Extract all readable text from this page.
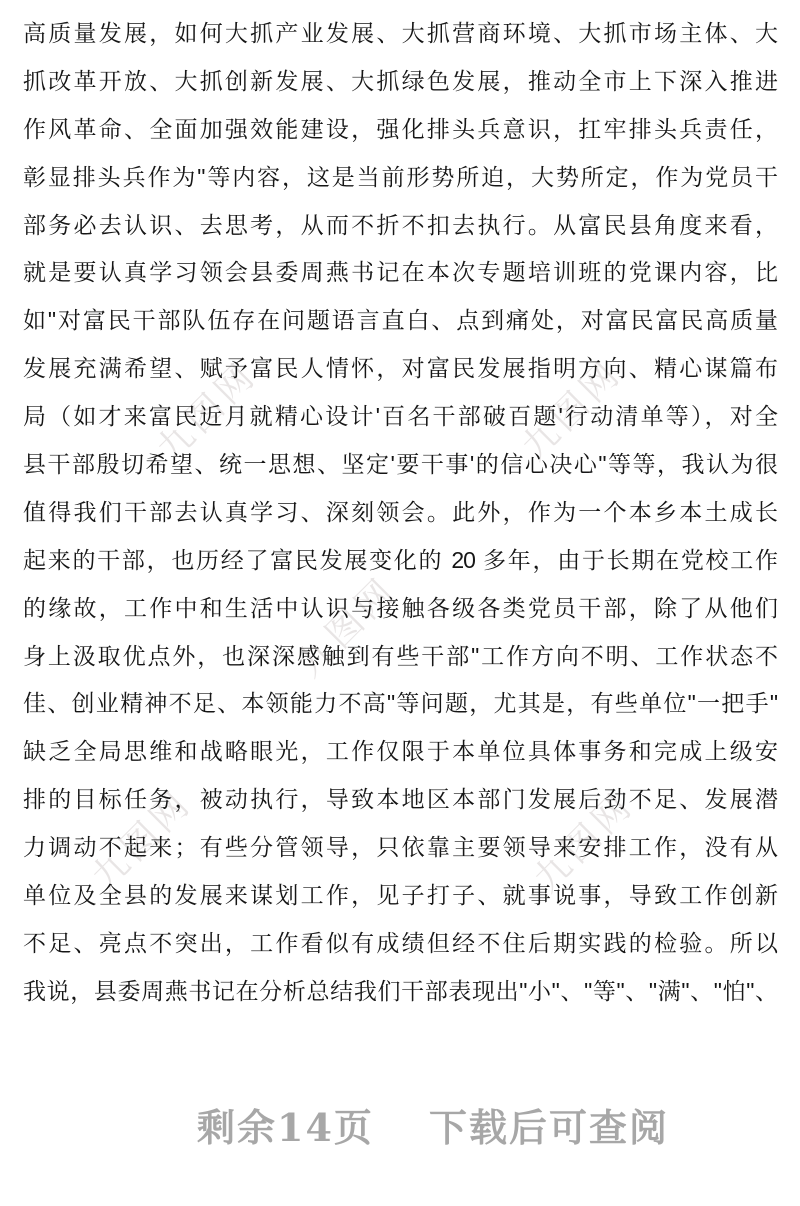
九图网	九图网
九图网
九图网	九图网
高质量发展，如何大抓产业发展、大抓营商环境、大抓市场主体、大
抓改革开放、大抓创新发展、大抓绿色发展，推动全市上下深入推进
作风革命、全面加强效能建设，强化排头兵意识，扛牢排头兵责任，
彰显排头兵作为"等内容，这是当前形势所迫，大势所定，作为党员干
部务必去认识、去思考，从而不折不扣去执行。从富民县角度来看，
就是要认真学习领会县委周燕书记在本次专题培训班的党课内容，比
如"对富民干部队伍存在问题语言直白、点到痛处，对富民富民高质量
发展充满希望、赋予富民人情怀，对富民发展指明方向、精心谋篇布
局（如才来富民近月就精心设计'百名干部破百题'行动清单等），对全
县干部殷切希望、统一思想、坚定'要干事'的信心决心"等等，我认为很
值得我们干部去认真学习、深刻领会。此外，作为一个本乡本土成长
起来的干部，也历经了富民发展变化的 20 多年，由于长期在党校工作
的缘故，工作中和生活中认识与接触各级各类党员干部，除了从他们
身上汲取优点外，也深深感触到有些干部"工作方向不明、工作状态不
佳、创业精神不足、本领能力不高"等问题，尤其是，有些单位"一把手"
缺乏全局思维和战略眼光，工作仅限于本单位具体事务和完成上级安
排的目标任务，被动执行，导致本地区本部门发展后劲不足、发展潜
力调动不起来；有些分管领导，只依靠主要领导来安排工作，没有从
单位及全县的发展来谋划工作，见子打子、就事说事，导致工作创新
不足、亮点不突出，工作看似有成绩但经不住后期实践的检验。所以
我说，县委周燕书记在分析总结我们干部表现出"小"、"等"、"满"、"怕"、
剩余14页 下载后可查阅
